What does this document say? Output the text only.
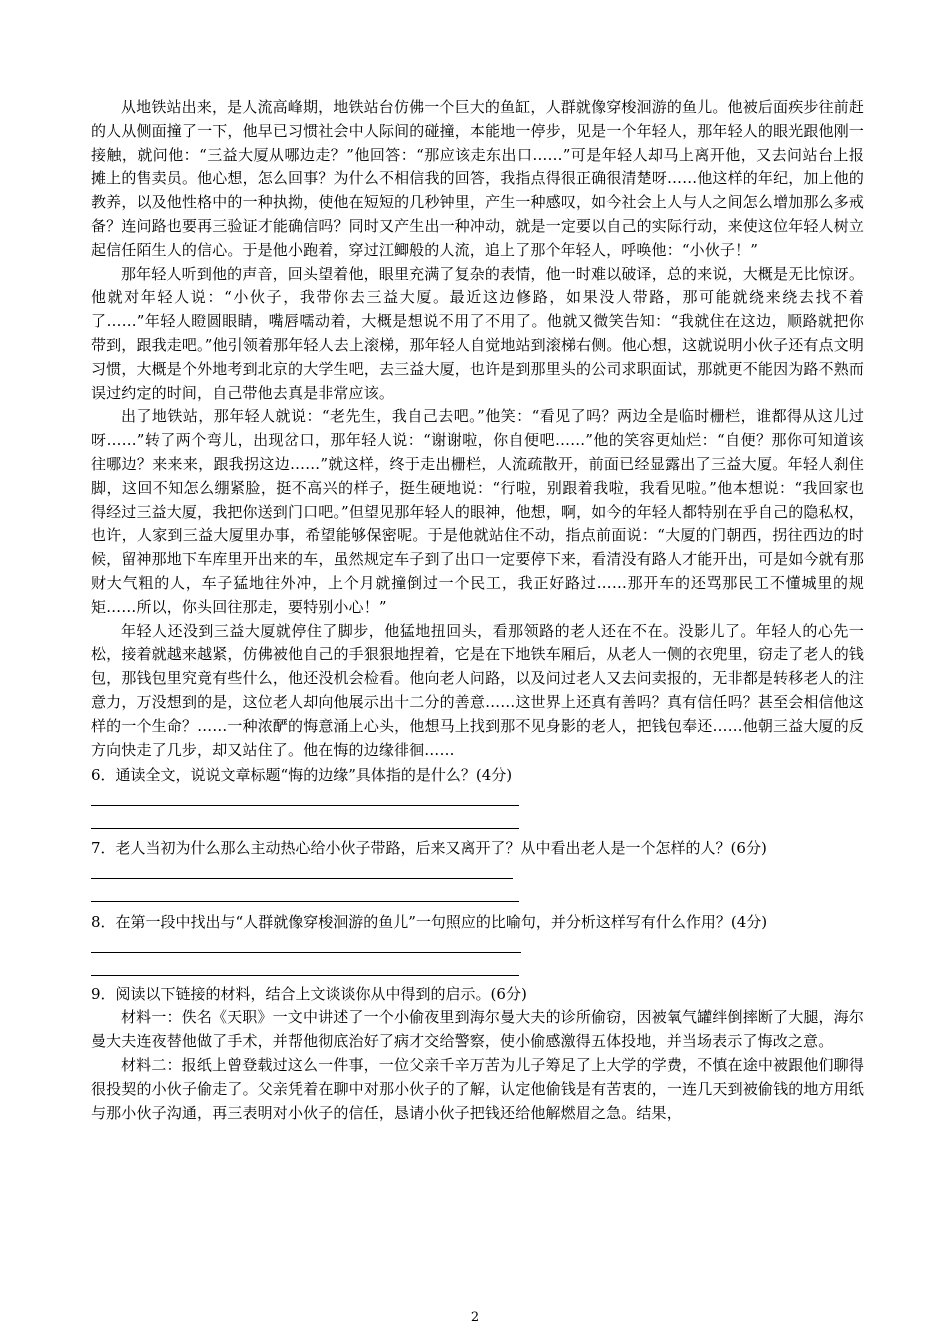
从地铁站出来，是人流高峰期，地铁站台仿佛一个巨大的鱼缸，人群就像穿梭洄游的鱼儿。他被后面疾步往前赶的人从侧面撞了一下，他早已习惯社会中人际间的碰撞，本能地一停步，见是一个年轻人，那年轻人的眼光跟他刚一接触，就问他：“三益大厦从哪边走？”他回答：“那应该走东出口……”可是年轻人却马上离开他，又去问站台上报摊上的售卖员。他心想，怎么回事？为什么不相信我的回答，我指点得很正确很清楚呀……他这样的年纪，加上他的教养，以及他性格中的一种执拗，使他在短短的几秒钟里，产生一种感叹，如今社会上人与人之间怎么增加那么多戒备？连问路也要再三验证才能确信吗？同时又产生出一种冲动，就是一定要以自己的实际行动，来使这位年轻人树立起信任陌生人的信心。于是他小跑着，穿过江鲫般的人流，追上了那个年轻人，呼唤他：“小伙子！”

那年轻人听到他的声音，回头望着他，眼里充满了复杂的表情，他一时难以破译，总的来说，大概是无比惊讶。他就对年轻人说：“小伙子，我带你去三益大厦。最近这边修路，如果没人带路，那可能就绕来绕去找不着了……”年轻人瞪圆眼睛，嘴唇嚅动着，大概是想说不用了不用了。他就又微笑告知：“我就住在这边，顺路就把你带到，跟我走吧。”他引领着那年轻人去上滚梯，那年轻人自觉地站到滚梯右侧。他心想，这就说明小伙子还有点文明习惯，大概是个外地考到北京的大学生吧，去三益大厦，也许是到那里头的公司求职面试，那就更不能因为路不熟而误过约定的时间，自己带他去真是非常应该。

出了地铁站，那年轻人就说：“老先生，我自己去吧。”他笑：“看见了吗？两边全是临时栅栏，谁都得从这儿过呀……”转了两个弯儿，出现岔口，那年轻人说：“谢谢啦，你自便吧……”他的笑容更灿烂：“自便？那你可知道该往哪边？来来来，跟我拐这边……”就这样，终于走出栅栏，人流疏散开，前面已经显露出了三益大厦。年轻人刹住脚，这回不知怎么绷紧脸，挺不高兴的样子，挺生硬地说：“行啦，别跟着我啦，我看见啦。”他本想说：“我回家也得经过三益大厦，我把你送到门口吧。”但望见那年轻人的眼神，他想，啊，如今的年轻人都特别在乎自己的隐私权，也许，人家到三益大厦里办事，希望能够保密呢。于是他就站住不动，指点前面说：“大厦的门朝西，拐往西边的时候，留神那地下车库里开出来的车，虽然规定车子到了出口一定要停下来，看清没有路人才能开出，可是如今就有那财大气粗的人，车子猛地往外冲，上个月就撞倒过一个民工，我正好路过……那开车的还骂那民工不懂城里的规矩……所以，你头回往那走，要特别小心！”

年轻人还没到三益大厦就停住了脚步，他猛地扭回头，看那领路的老人还在不在。没影儿了。年轻人的心先一松，接着就越来越紧，仿佛被他自己的手狠狠地捏着，它是在下地铁车厢后，从老人一侧的衣兜里，窃走了老人的钱包，那钱包里究竟有些什么，他还没机会检看。他向老人问路，以及问过老人又去问卖报的，无非都是转移老人的注意力，万没想到的是，这位老人却向他展示出十二分的善意……这世界上还真有善吗？真有信任吗？甚至会相信他这样的一个生命？……一种浓酽的悔意涌上心头，他想马上找到那不见身影的老人，把钱包奉还……他朝三益大厦的反方向快走了几步，却又站住了。他在悔的边缘徘徊……

6．通读全文，说说文章标题“悔的边缘”具体指的是什么？(4分)

7．老人当初为什么那么主动热心给小伙子带路，后来又离开了？从中看出老人是一个怎样的人？(6分)

8．在第一段中找出与“人群就像穿梭洄游的鱼儿”一句照应的比喻句，并分析这样写有什么作用？(4分)

9．阅读以下链接的材料，结合上文谈谈你从中得到的启示。(6分)

材料一：佚名《天职》一文中讲述了一个小偷夜里到海尔曼大夫的诊所偷窃，因被氧气罐绊倒摔断了大腿，海尔曼大夫连夜替他做了手术，并帮他彻底治好了病才交给警察，使小偷感激得五体投地，并当场表示了悔改之意。

材料二：报纸上曾登载过这么一件事，一位父亲千辛万苦为儿子筹足了上大学的学费，不慎在途中被跟他们聊得很投契的小伙子偷走了。父亲凭着在聊中对那小伙子的了解，认定他偷钱是有苦衷的，一连几天到被偷钱的地方用纸与那小伙子沟通，再三表明对小伙子的信任，恳请小伙子把钱还给他解燃眉之急。结果，

2
